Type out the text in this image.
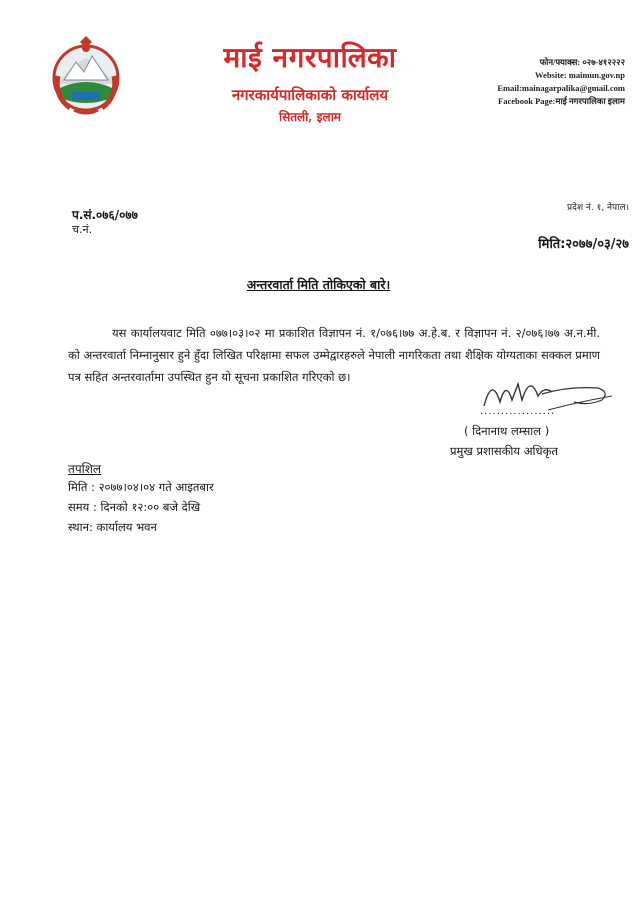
माई नगरपालिका
नगरकार्यपालिकाको कार्यालय
सितली, इलाम
फोन/फ्याक्स: ०२७-४१२२२२
Website: maimun.gov.np
Email:mainagarpalika@gmail.com
Facebook Page:माई नगरपालिका इलाम
प्रदेश नं. १, नेपाल।
प.सं.०७६/०७७
च.नं.
मिति:२०७७/०३/२७
अन्तरवार्ता मिति तोकिएको बारे।
यस कार्यालयवाट मिति ०७७।०३।०२ मा प्रकाशित विज्ञापन नं. १/०७६।७७ अ.हे.ब. र विज्ञापन नं. २/०७६।७७ अ.न.मी. को अन्तरवार्ता निम्नानुसार हुने हुँदा लिखित परिक्षामा सफल उम्मेद्वारहरुले नेपाली नागरिकता तथा शैक्षिक योग्यताका सक्कल प्रमाण पत्र सहित अन्तरवार्तामा उपस्थित हुन यो सूचना प्रकाशित गरिएको छ।
..................
( दिनानाथ लम्साल )
प्रमुख प्रशासकीय अधिकृत
तपशिल
मिति : २०७७।०४।०४ गते आइतबार
समय : दिनको १२:०० बजे देखि
स्थान: कार्यालय भवन
